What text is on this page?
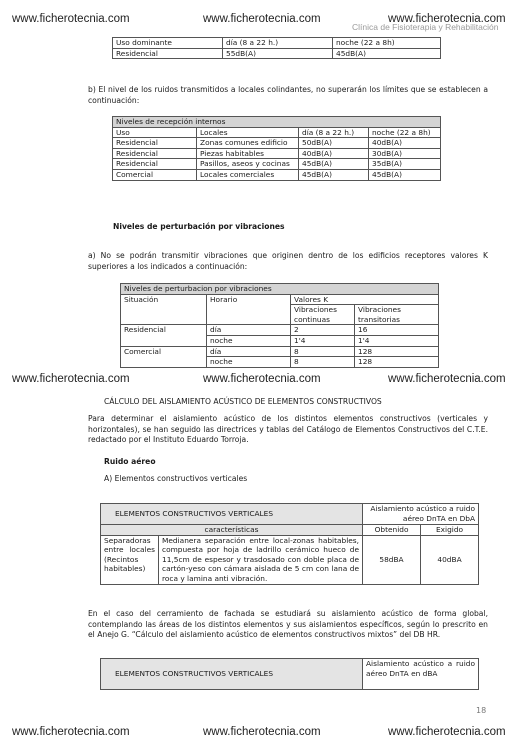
Clínica de Fisioterapia y Rehabilitación
www.ficherotecnia.com	www.ficherotecnia.com	www.ficherotecnia.com
Uso dominante	día (8 a 22 h.)	noche (22 a 8h)
Residencial	55dB(A)	45dB(A)
b) El nivel de los ruidos transmitidos a locales colindantes, no superarán los límites que se establecen a continuación:
Niveles de recepción internos			
Uso	Locales	día (8 a 22 h.)	noche (22 a 8h)
Residencial	Zonas comunes edificio	50dB(A)	40dB(A)
Residencial	Piezas habitables	40dB(A)	30dB(A)
Residencial	Pasillos, aseos y cocinas	45dB(A)	35dB(A)
Comercial	Locales comerciales	45dB(A)	45dB(A)
Niveles de perturbación por vibraciones
a) No se podrán transmitir vibraciones que originen dentro de los edificios receptores valores K superiores a los indicados a continuación:
Niveles de perturbacion por vibraciones			
Situación	Horario	Valores K	
		Vibraciones continuas	Vibraciones transitorias
Residencial	día	2	16
	noche	1'4	1'4
Comercial	día	8	128
	noche	8	128
www.ficherotecnia.com	www.ficherotecnia.com	www.ficherotecnia.com
CÁLCULO DEL AISLAMIENTO ACÚSTICO DE ELEMENTOS CONSTRUCTIVOS
Para determinar el aislamiento acústico de los distintos elementos constructivos (verticales y horizontales), se han seguido las directrices y tablas del Catálogo de Elementos Constructivos del C.T.E. redactado por el Instituto Eduardo Torroja.
Ruido aéreo
A) Elementos constructivos verticales
ELEMENTOS CONSTRUCTIVOS VERTICALES		Aislamiento acústico a ruido aéreo DnTA en DbA	
características		Obtenido	Exigido
Separadoras entre locales (Recintos habitables)	Medianera separación entre local-zonas habitables, compuesta por hoja de ladrillo cerámico hueco de 11,5cm de espesor y trasdosado con doble placa de cartón-yeso con cámara aislada de 5 cm con lana de roca y lamina anti vibración.	58dBA	40dBA
En el caso del cerramiento de fachada se estudiará su aislamiento acústico de forma global, contemplando las áreas de los distintos elementos y sus aislamientos específicos, según lo prescrito en el Anejo G. “Cálculo del aislamiento acústico de elementos constructivos mixtos” del DB HR.
ELEMENTOS CONSTRUCTIVOS VERTICALES	Aislamiento acústico a ruido aéreo DnTA en dBA
18
www.ficherotecnia.com	www.ficherotecnia.com	www.ficherotecnia.com
